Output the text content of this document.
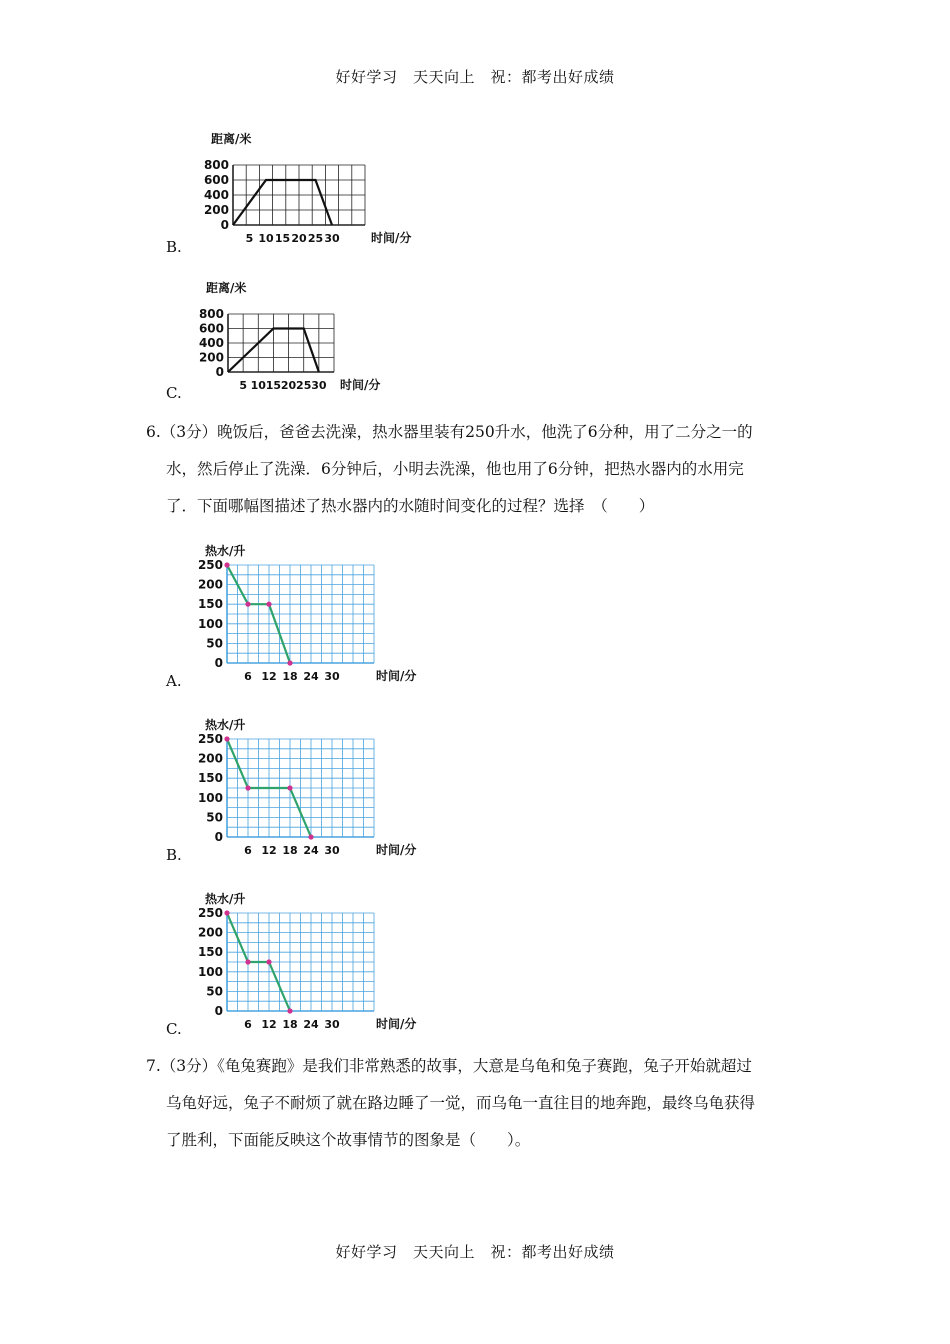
好好学习　天天向上　祝：都考出好成绩
距离/米
时间/分
0
200
400
600
800
5 10 15 20 25 30
B.
距离/米
时间/分
0
200
400
600
800
5 10 15 20 25 30
C.

6.（3分）晚饭后，爸爸去洗澡，热水器里装有250升水，他洗了6分种，用了二分之一的

水，然后停止了洗澡．6分钟后，小明去洗澡，他也用了6分钟，把热水器内的水用完

了．下面哪幅图描述了热水器内的水随时间变化的过程？选择　（　　）

热水/升
时间/分
0
50
100
150
200
250
6 12 18 24 30
A.
热水/升
时间/分
0
50
100
150
200
250
6 12 18 24 30
B.
热水/升
时间/分
0
50
100
150
200
250
6 12 18 24 30
C.

7.（3分）《龟兔赛跑》是我们非常熟悉的故事，大意是乌龟和兔子赛跑，兔子开始就超过

乌龟好远，兔子不耐烦了就在路边睡了一觉，而乌龟一直往目的地奔跑，最终乌龟获得

了胜利，下面能反映这个故事情节的图象是（　　）。

好好学习　天天向上　祝：都考出好成绩
